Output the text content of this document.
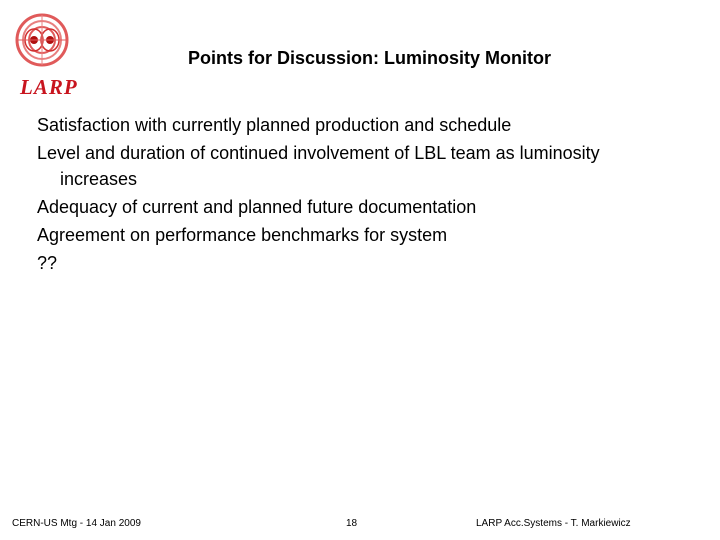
LARP
Points for Discussion: Luminosity Monitor
Satisfaction with currently planned production and schedule
Level and duration of continued involvement of LBL team as luminosity
increases
Adequacy of current and planned future documentation
Agreement on performance benchmarks for system
??
CERN-US Mtg - 14 Jan 2009	18	LARP Acc.Systems - T. Markiewicz
